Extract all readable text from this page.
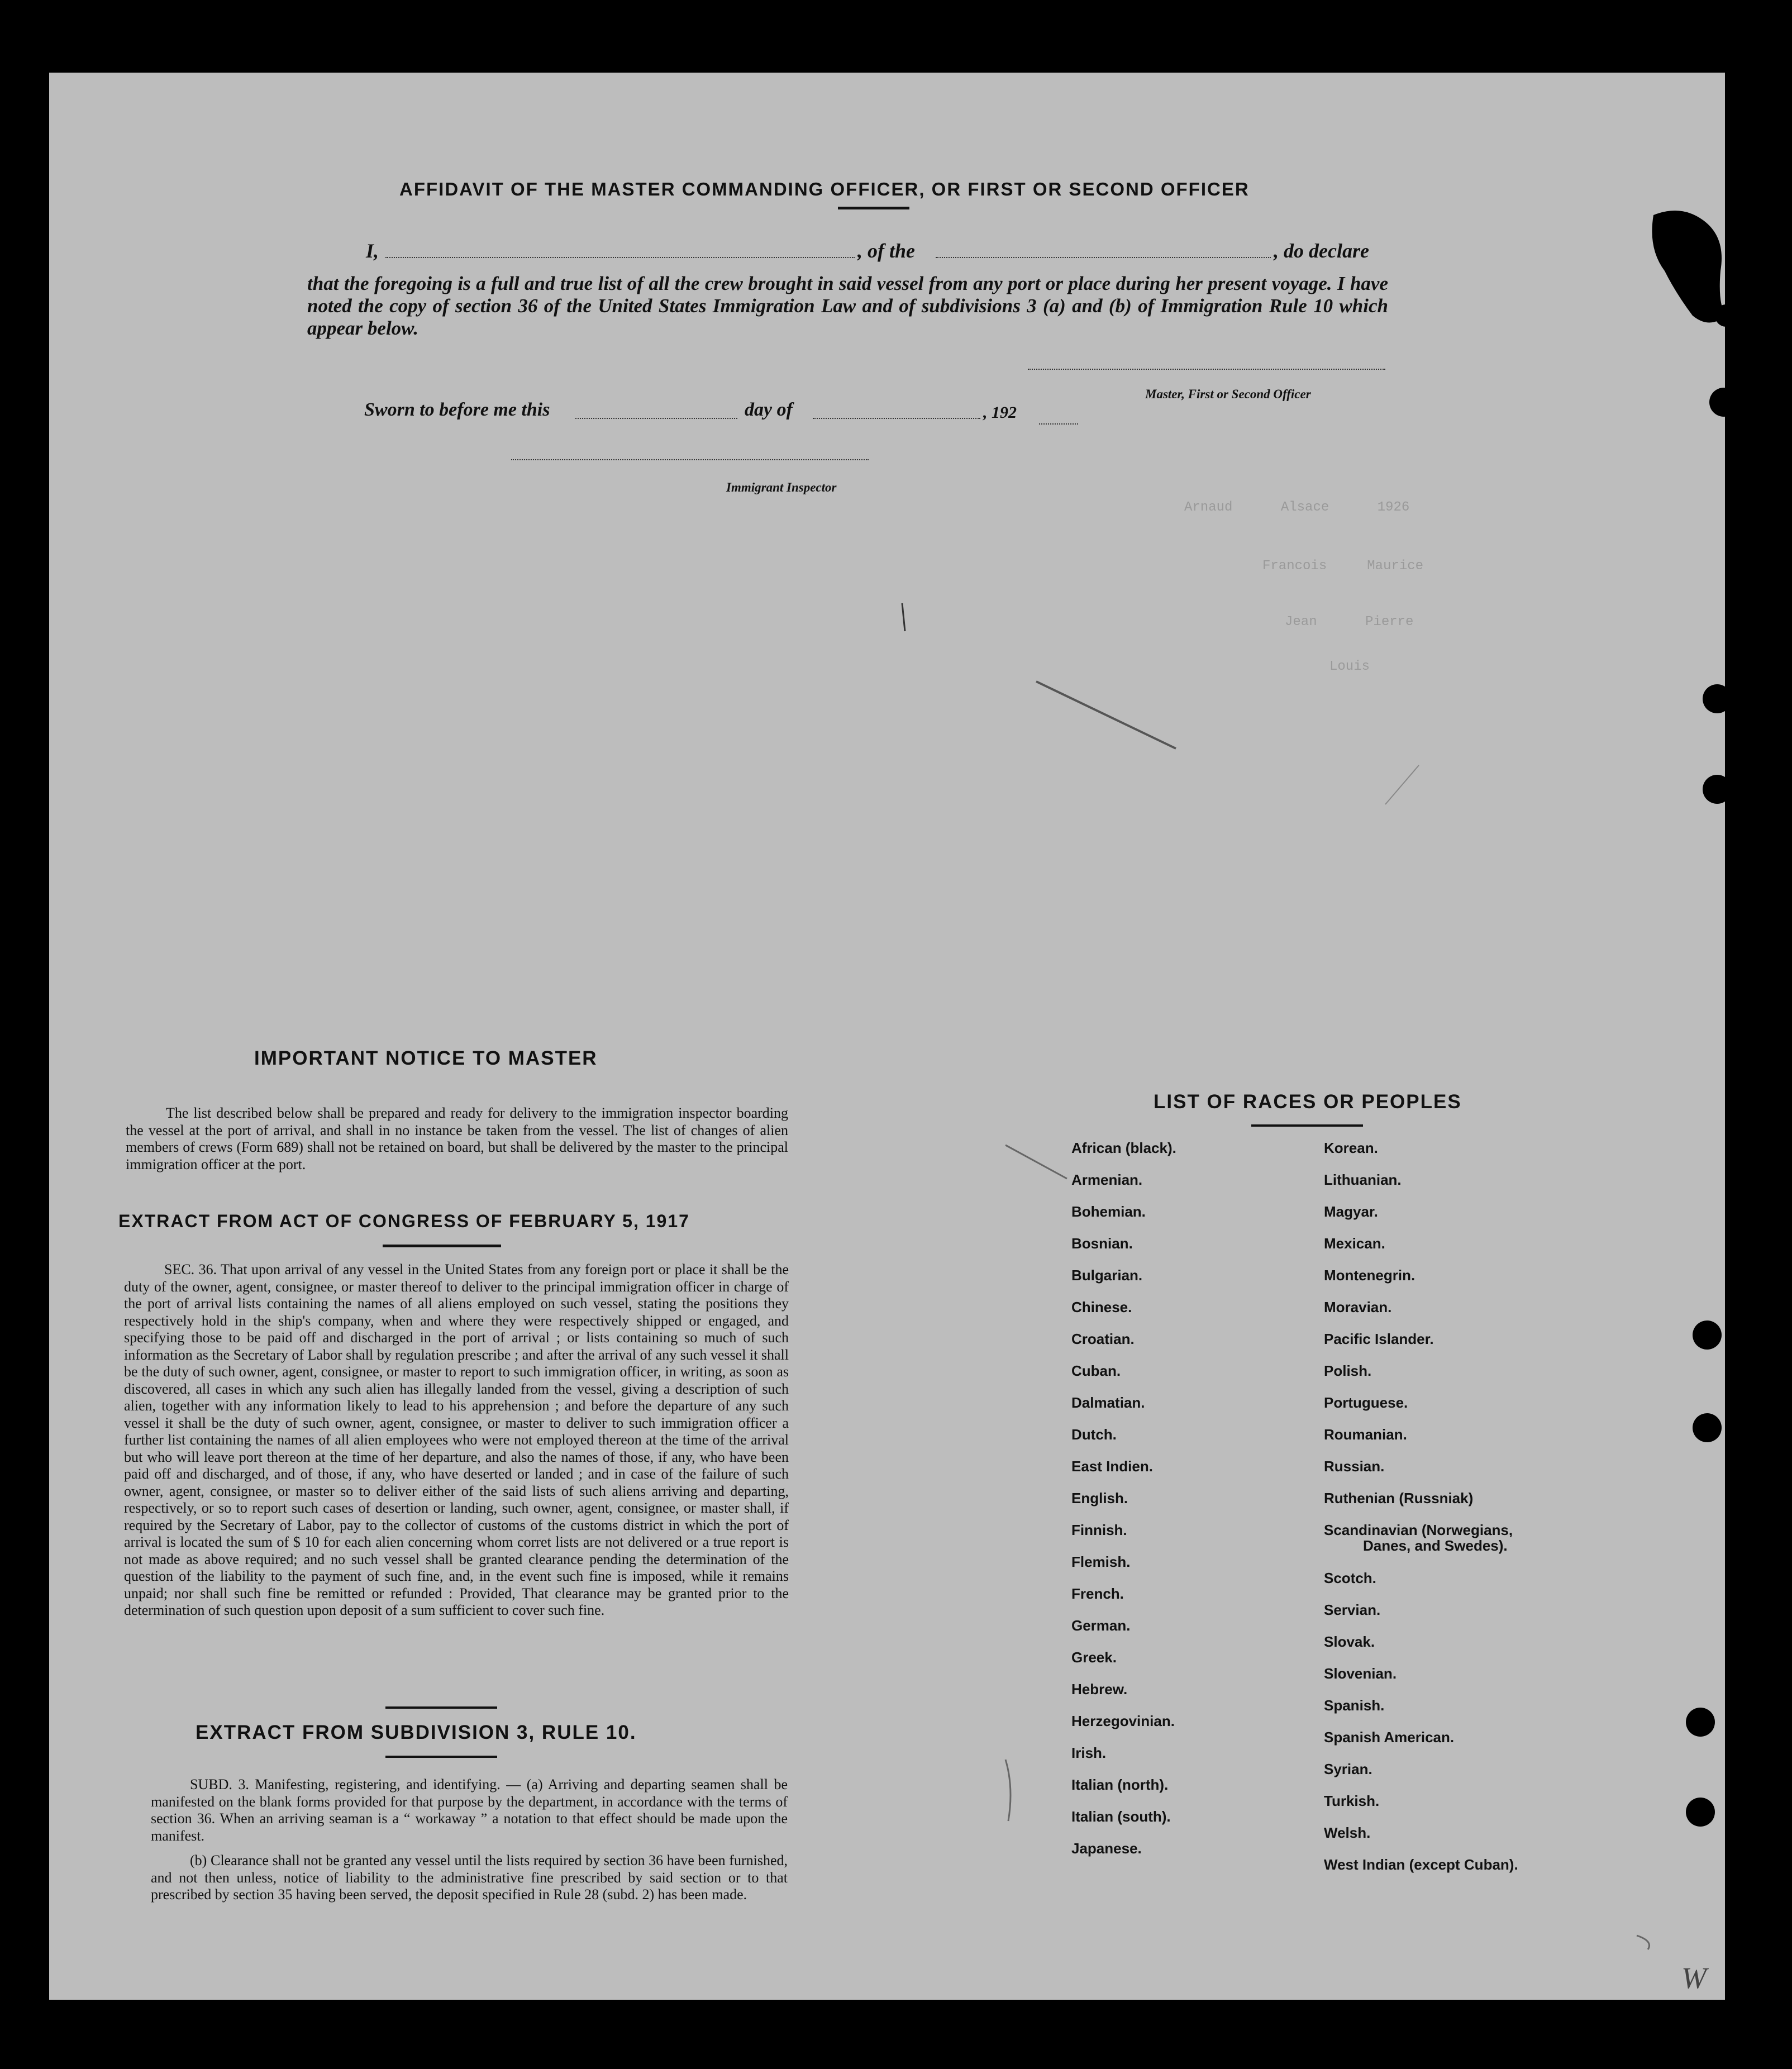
Arnaud      Alsace      1926
Francois     Maurice
Jean      Pierre
Louis
AFFIDAVIT OF THE MASTER COMMANDING OFFICER, OR FIRST OR SECOND OFFICER
I,	, of the	, do declare
that the foregoing is a full and true list of all the crew brought in said vessel from any port or place during her present voyage. I have noted the copy of section 36 of the United States Immigration Law and of subdivisions 3 (a) and (b) of Immigration Rule 10 which appear below.
Master, First or Second Officer
Sworn to before me this	day of	, 192
Immigrant Inspector
IMPORTANT NOTICE TO MASTER
The list described below shall be prepared and ready for delivery to the immigration inspector boarding the vessel at the port of arrival, and shall in no instance be taken from the vessel. The list of changes of alien members of crews (Form 689) shall not be retained on board, but shall be delivered by the master to the principal immigration officer at the port.
EXTRACT FROM ACT OF CONGRESS OF FEBRUARY 5, 1917
SEC. 36. That upon arrival of any vessel in the United States from any foreign port or place it shall be the duty of the owner, agent, consignee, or master thereof to deliver to the principal immigration officer in charge of the port of arrival lists containing the names of all aliens employed on such vessel, stating the positions they respectively hold in the ship's company, when and where they were respectively shipped or engaged, and specifying those to be paid off and discharged in the port of arrival ; or lists containing so much of such information as the Secretary of Labor shall by regulation prescribe ; and after the arrival of any such vessel it shall be the duty of such owner, agent, consignee, or master to report to such immigration officer, in writing, as soon as discovered, all cases in which any such alien has illegally landed from the vessel, giving a description of such alien, together with any information likely to lead to his apprehension ; and before the departure of any such vessel it shall be the duty of such owner, agent, consignee, or master to deliver to such immigration officer a further list containing the names of all alien employees who were not employed thereon at the time of the arrival but who will leave port thereon at the time of her departure, and also the names of those, if any, who have been paid off and discharged, and of those, if any, who have deserted or landed ; and in case of the failure of such owner, agent, consignee, or master so to deliver either of the said lists of such aliens arriving and departing, respectively, or so to report such cases of desertion or landing, such owner, agent, consignee, or master shall, if required by the Secretary of Labor, pay to the collector of customs of the customs district in which the port of arrival is located the sum of $ 10 for each alien concerning whom corret lists are not delivered or a true report is not made as above required; and no such vessel shall be granted clearance pending the determination of the question of the liability to the payment of such fine, and, in the event such fine is imposed, while it remains unpaid; nor shall such fine be remitted or refunded : Provided, That clearance may be granted prior to the determination of such question upon deposit of a sum sufficient to cover such fine.
EXTRACT FROM SUBDIVISION 3, RULE 10.
SUBD. 3. Manifesting, registering, and identifying. — (a) Arriving and departing seamen shall be manifested on the blank forms provided for that purpose by the department, in accordance with the terms of section 36. When an arriving seaman is a “ workaway ” a notation to that effect should be made upon the manifest.
(b) Clearance shall not be granted any vessel until the lists required by section 36 have been furnished, and not then unless, notice of liability to the administrative fine prescribed by said section or to that prescribed by section 35 having been served, the deposit specified in Rule 28 (subd. 2) has been made.
LIST OF RACES OR PEOPLES
African (black).
Armenian.
Bohemian.
Bosnian.
Bulgarian.
Chinese.
Croatian.
Cuban.
Dalmatian.
Dutch.
East Indien.
English.
Finnish.
Flemish.
French.
German.
Greek.
Hebrew.
Herzegovinian.
Irish.
Italian (north).
Italian (south).
Japanese.
Korean.
Lithuanian.
Magyar.
Mexican.
Montenegrin.
Moravian.
Pacific Islander.
Polish.
Portuguese.
Roumanian.
Russian.
Ruthenian (Russniak)
Scandinavian (Norwegians,
Danes, and Swedes).
Scotch.
Servian.
Slovak.
Slovenian.
Spanish.
Spanish American.
Syrian.
Turkish.
Welsh.
West Indian (except Cuban).
W
